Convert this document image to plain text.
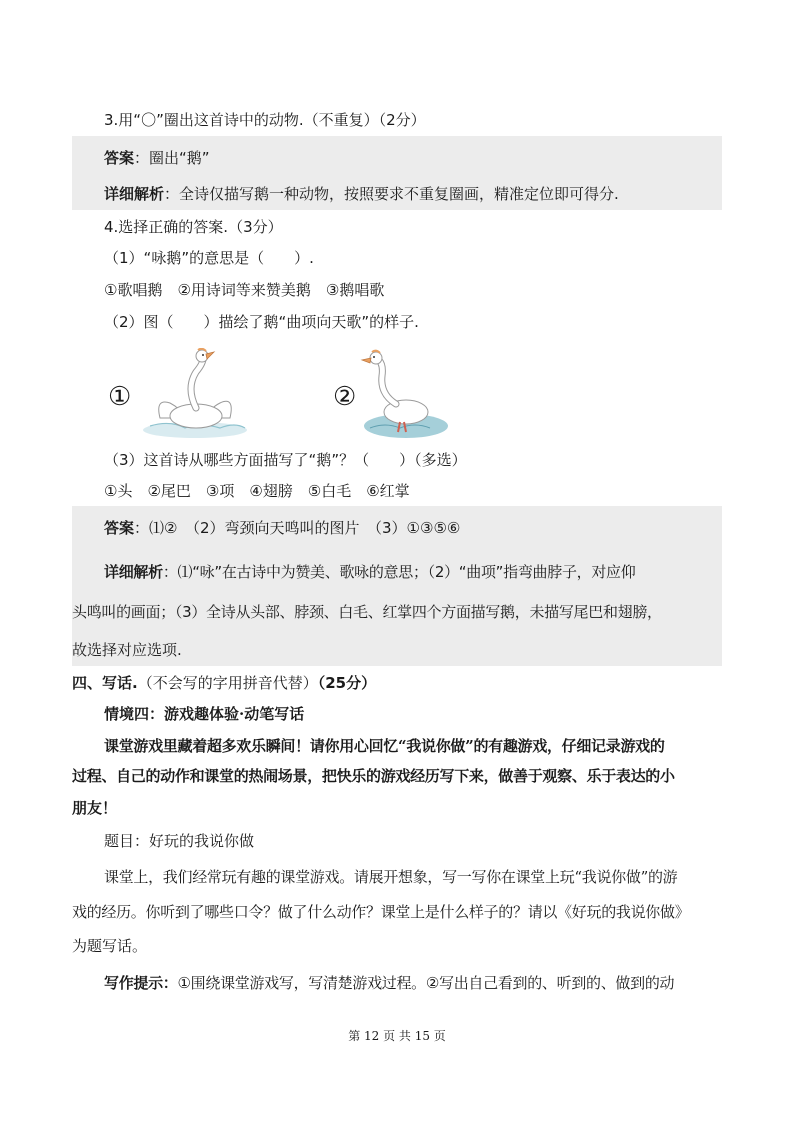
3.用“〇”圈出这首诗中的动物.（不重复）（2分）
答案：圈出“鹅”
详细解析：全诗仅描写鹅一种动物，按照要求不重复圈画，精准定位即可得分.
4.选择正确的答案.（3分）
（1）“咏鹅”的意思是（　　）.
①歌唱鹅　②用诗词等来赞美鹅　③鹅唱歌
（2）图（　　）描绘了鹅“曲项向天歌”的样子.
①	②
（3）这首诗从哪些方面描写了“鹅”？（　　）（多选）
①头　②尾巴　③项　④翅膀　⑤白毛　⑥红掌
答案：⑴②　（2）弯颈向天鸣叫的图片　（3）①③⑤⑥
详细解析：⑴“咏”在古诗中为赞美、歌咏的意思；（2）“曲项”指弯曲脖子，对应仰
头鸣叫的画面；（3）全诗从头部、脖颈、白毛、红掌四个方面描写鹅，未描写尾巴和翅膀，
故选择对应选项.
四、写话.（不会写的字用拼音代替）（25分）
情境四：游戏趣体验·动笔写话
课堂游戏里藏着超多欢乐瞬间！请你用心回忆“我说你做”的有趣游戏，仔细记录游戏的
过程、自己的动作和课堂的热闹场景，把快乐的游戏经历写下来，做善于观察、乐于表达的小
朋友！
题目：好玩的我说你做
课堂上，我们经常玩有趣的课堂游戏。请展开想象，写一写你在课堂上玩“我说你做”的游
戏的经历。你听到了哪些口令？做了什么动作？课堂上是什么样子的？请以《好玩的我说你做》
为题写话。
写作提示：①围绕课堂游戏写，写清楚游戏过程。②写出自己看到的、听到的、做到的动
第 12 页 共 15 页
